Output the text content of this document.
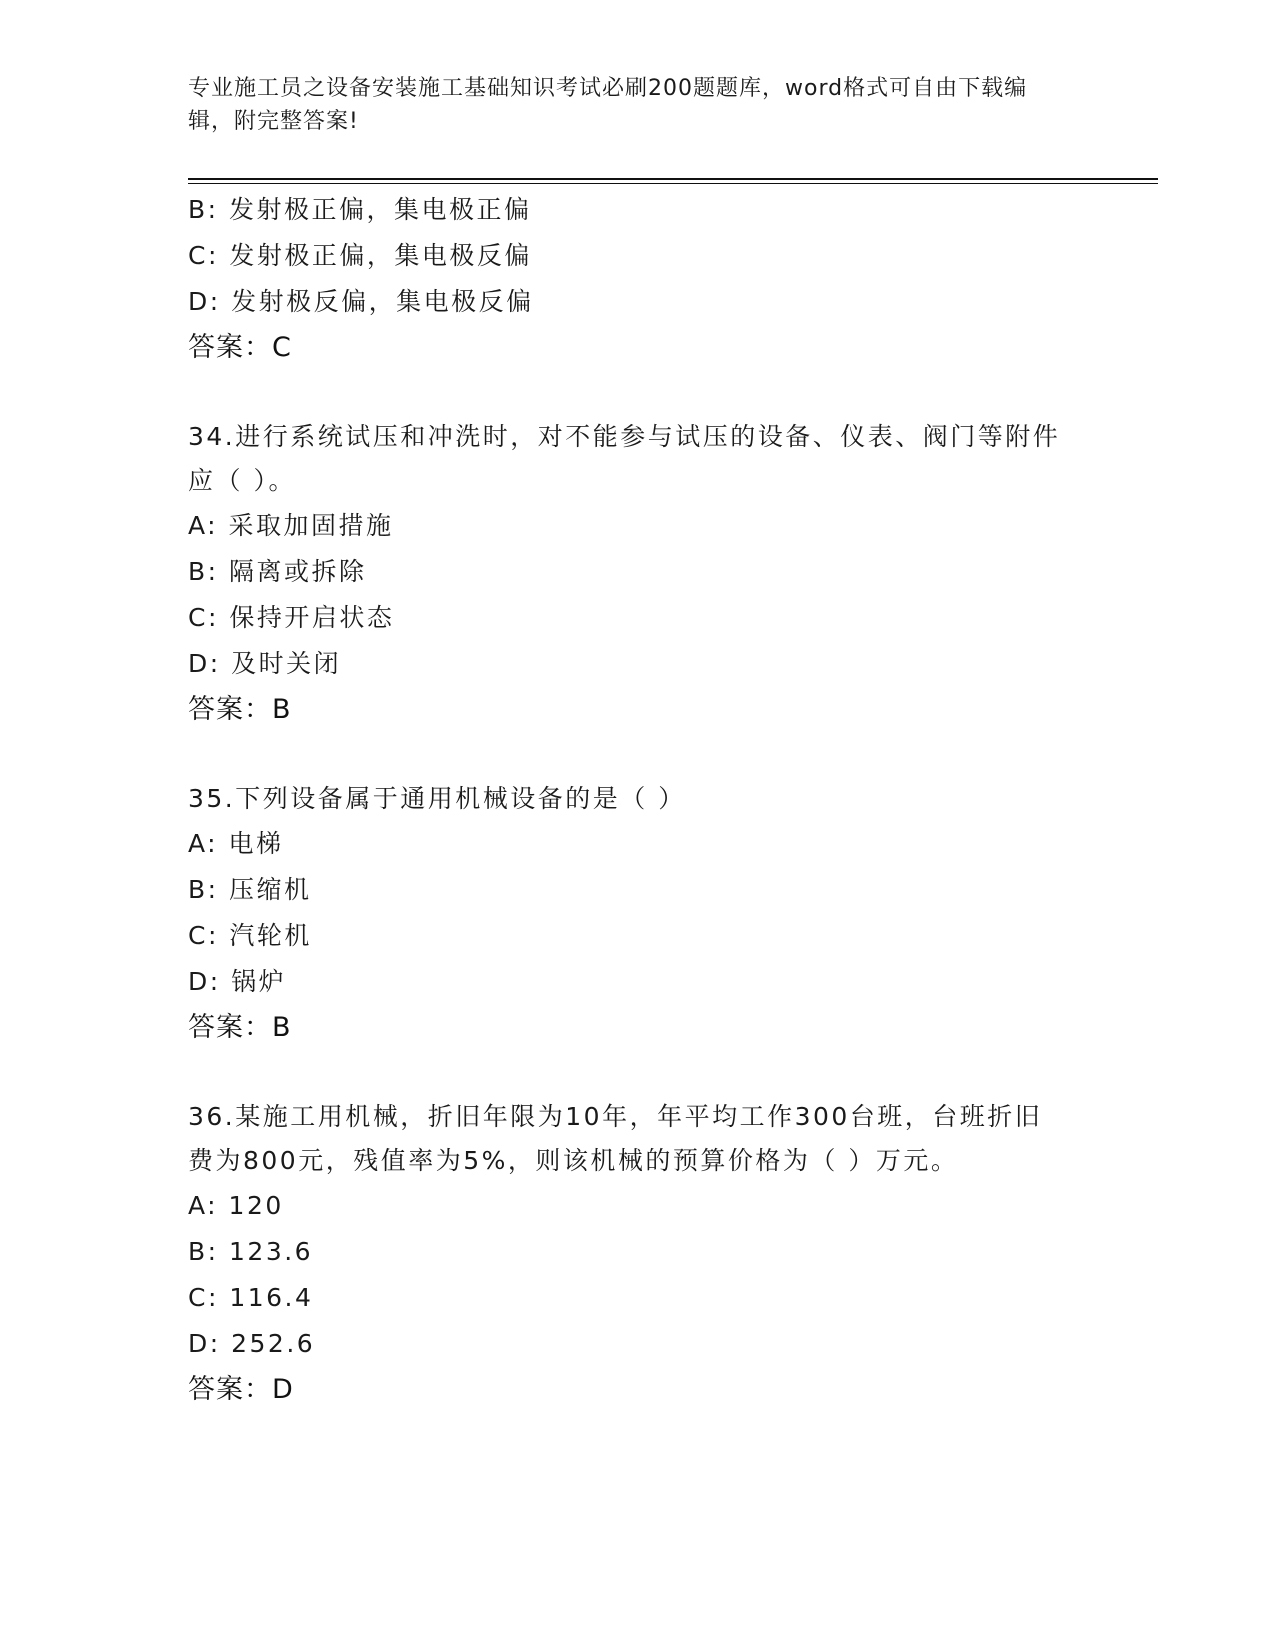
专业施工员之设备安装施工基础知识考试必刷200题题库，word格式可自由下载编辑，附完整答案!
B: 发射极正偏，集电极正偏
C: 发射极正偏，集电极反偏
D: 发射极反偏，集电极反偏
答案：C
34.进行系统试压和冲洗时，对不能参与试压的设备、仪表、阀门等附件应（ ）。
A: 采取加固措施
B: 隔离或拆除
C: 保持开启状态
D: 及时关闭
答案：B
35.下列设备属于通用机械设备的是（ ）
A: 电梯
B: 压缩机
C: 汽轮机
D: 锅炉
答案：B
36.某施工用机械，折旧年限为10年，年平均工作300台班，台班折旧费为800元，残值率为5%，则该机械的预算价格为（ ）万元。
A: 120
B: 123.6
C: 116.4
D: 252.6
答案：D
